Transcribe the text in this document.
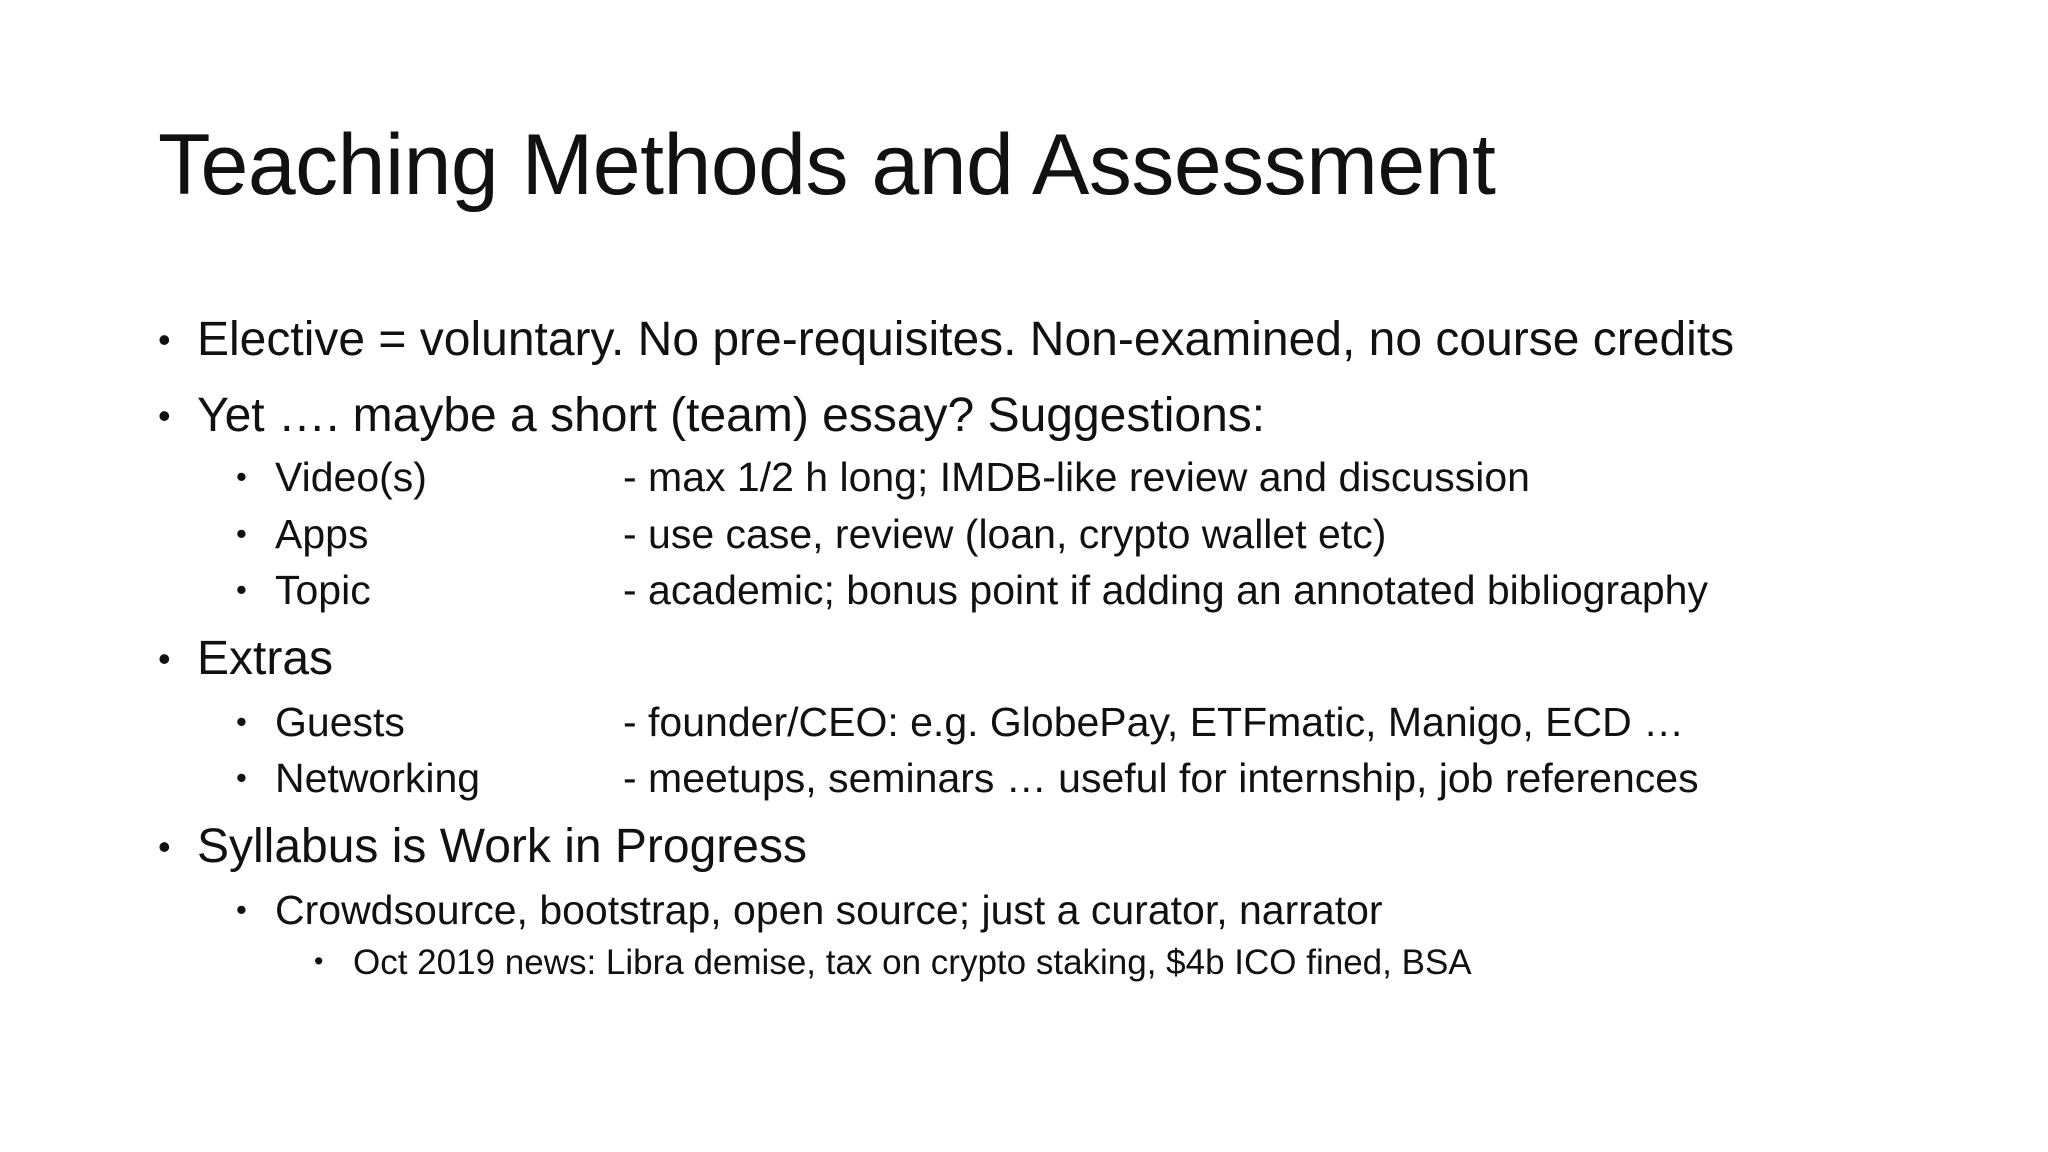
Teaching Methods and Assessment
• Elective = voluntary. No pre-requisites. Non-examined, no course credits
• Yet …. maybe a short (team) essay? Suggestions:
• Video(s)	- max 1/2 h long; IMDB-like review and discussion
• Apps	- use case, review (loan, crypto wallet etc)
• Topic	- academic; bonus point if adding an annotated bibliography
• Extras
• Guests	- founder/CEO: e.g. GlobePay, ETFmatic, Manigo, ECD …
• Networking	- meetups, seminars … useful for internship, job references
• Syllabus is Work in Progress
• Crowdsource, bootstrap, open source; just a curator, narrator
• Oct 2019 news: Libra demise, tax on crypto staking, $4b ICO fined, BSA
